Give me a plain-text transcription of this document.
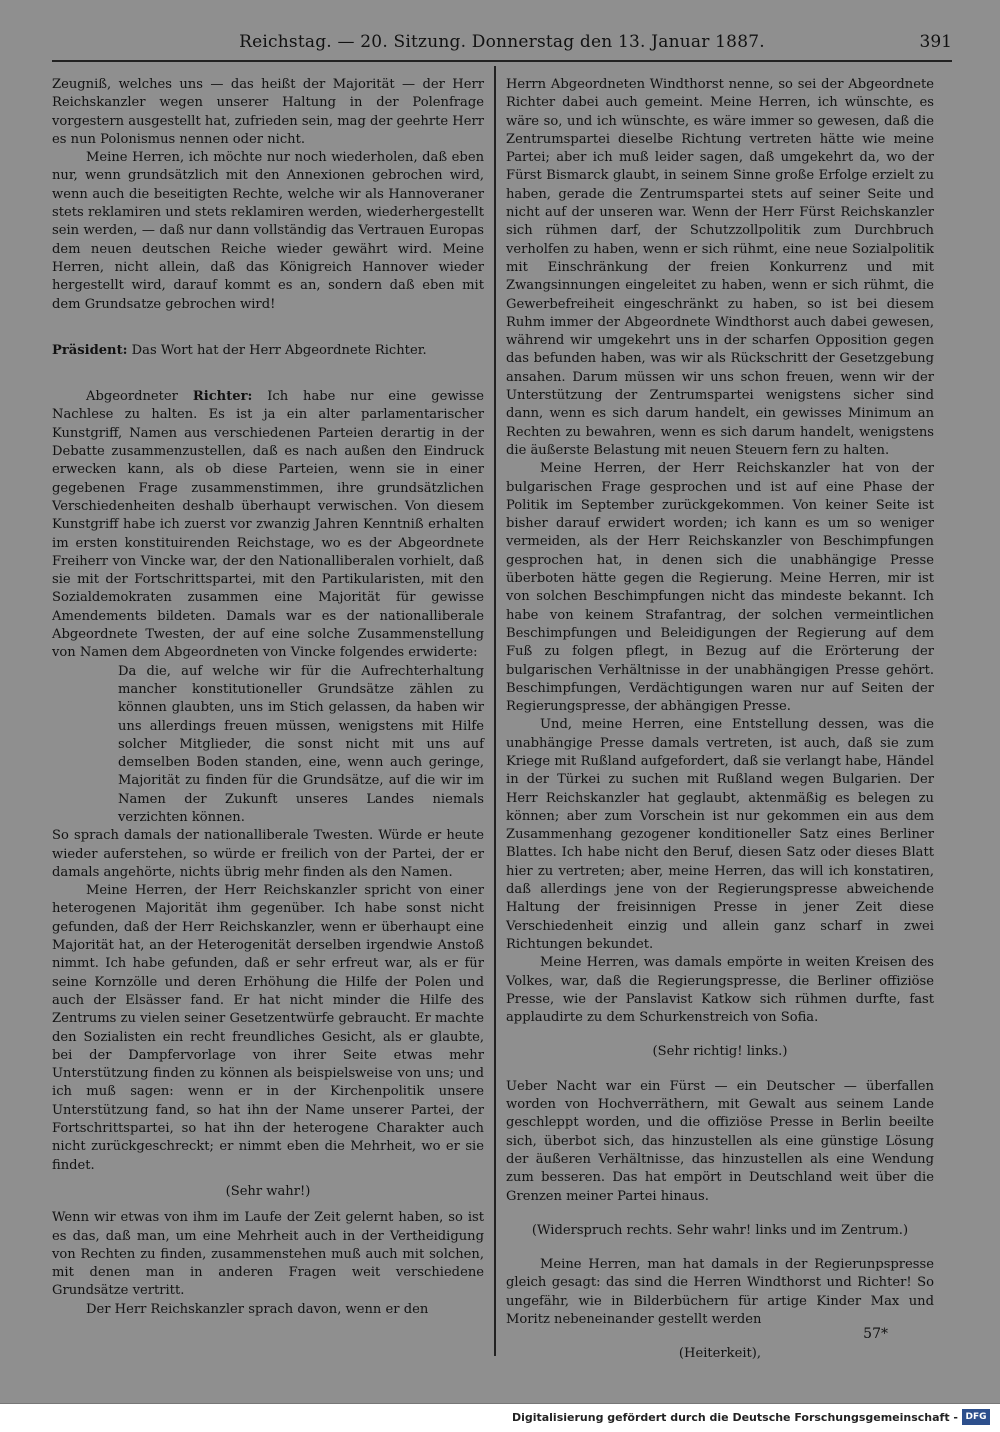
Reichstag. — 20. Sitzung. Donnerstag den 13. Januar 1887.	391

Zeugniß, welches uns — das heißt der Majorität — der Herr Reichskanzler wegen unserer Haltung in der Polenfrage vorgestern ausgestellt hat, zufrieden sein, mag der geehrte Herr es nun Polonismus nennen oder nicht.

Meine Herren, ich möchte nur noch wiederholen, daß eben nur, wenn grundsätzlich mit den Annexionen gebrochen wird, wenn auch die beseitigten Rechte, welche wir als Hannoveraner stets reklamiren und stets reklamiren werden, wiederhergestellt sein werden, — daß nur dann vollständig das Vertrauen Europas dem neuen deutschen Reiche wieder gewährt wird. Meine Herren, nicht allein, daß das Königreich Hannover wieder hergestellt wird, darauf kommt es an, sondern daß eben mit dem Grundsatze gebrochen wird!

Präsident: Das Wort hat der Herr Abgeordnete Richter.

Abgeordneter Richter: Ich habe nur eine gewisse Nachlese zu halten. Es ist ja ein alter parlamentarischer Kunstgriff, Namen aus verschiedenen Parteien derartig in der Debatte zusammenzustellen, daß es nach außen den Eindruck erwecken kann, als ob diese Parteien, wenn sie in einer gegebenen Frage zusammenstimmen, ihre grundsätzlichen Verschiedenheiten deshalb überhaupt verwischen. Von diesem Kunstgriff habe ich zuerst vor zwanzig Jahren Kenntniß erhalten im ersten konstituirenden Reichstage, wo es der Abgeordnete Freiherr von Vincke war, der den Nationalliberalen vorhielt, daß sie mit der Fortschrittspartei, mit den Partikularisten, mit den Sozialdemokraten zusammen eine Majorität für gewisse Amendements bildeten. Damals war es der nationalliberale Abgeordnete Twesten, der auf eine solche Zusammenstellung von Namen dem Abgeordneten von Vincke folgendes erwiderte:

Da die, auf welche wir für die Aufrechterhaltung mancher konstitutioneller Grundsätze zählen zu können glaubten, uns im Stich gelassen, da haben wir uns allerdings freuen müssen, wenigstens mit Hilfe solcher Mitglieder, die sonst nicht mit uns auf demselben Boden standen, eine, wenn auch geringe, Majorität zu finden für die Grundsätze, auf die wir im Namen der Zukunft unseres Landes niemals verzichten können.

So sprach damals der nationalliberale Twesten. Würde er heute wieder auferstehen, so würde er freilich von der Partei, der er damals angehörte, nichts übrig mehr finden als den Namen.

Meine Herren, der Herr Reichskanzler spricht von einer heterogenen Majorität ihm gegenüber. Ich habe sonst nicht gefunden, daß der Herr Reichskanzler, wenn er überhaupt eine Majorität hat, an der Heterogenität derselben irgendwie Anstoß nimmt. Ich habe gefunden, daß er sehr erfreut war, als er für seine Kornzölle und deren Erhöhung die Hilfe der Polen und auch der Elsässer fand. Er hat nicht minder die Hilfe des Zentrums zu vielen seiner Gesetzentwürfe gebraucht. Er machte den Sozialisten ein recht freundliches Gesicht, als er glaubte, bei der Dampfervorlage von ihrer Seite etwas mehr Unterstützung finden zu können als beispielsweise von uns; und ich muß sagen: wenn er in der Kirchenpolitik unsere Unterstützung fand, so hat ihn der Name unserer Partei, der Fortschrittspartei, so hat ihn der heterogene Charakter auch nicht zurückgeschreckt; er nimmt eben die Mehrheit, wo er sie findet.

(Sehr wahr!)

Wenn wir etwas von ihm im Laufe der Zeit gelernt haben, so ist es das, daß man, um eine Mehrheit auch in der Vertheidigung von Rechten zu finden, zusammenstehen muß auch mit solchen, mit denen man in anderen Fragen weit verschiedene Grundsätze vertritt.

Der Herr Reichskanzler sprach davon, wenn er den

Herrn Abgeordneten Windthorst nenne, so sei der Abgeordnete Richter dabei auch gemeint. Meine Herren, ich wünschte, es wäre so, und ich wünschte, es wäre immer so gewesen, daß die Zentrumspartei dieselbe Richtung vertreten hätte wie meine Partei; aber ich muß leider sagen, daß umgekehrt da, wo der Fürst Bismarck glaubt, in seinem Sinne große Erfolge erzielt zu haben, gerade die Zentrumspartei stets auf seiner Seite und nicht auf der unseren war. Wenn der Herr Fürst Reichskanzler sich rühmen darf, der Schutzzollpolitik zum Durchbruch verholfen zu haben, wenn er sich rühmt, eine neue Sozialpolitik mit Einschränkung der freien Konkurrenz und mit Zwangsinnungen eingeleitet zu haben, wenn er sich rühmt, die Gewerbefreiheit eingeschränkt zu haben, so ist bei diesem Ruhm immer der Abgeordnete Windthorst auch dabei gewesen, während wir umgekehrt uns in der scharfen Opposition gegen das befunden haben, was wir als Rückschritt der Gesetzgebung ansahen. Darum müssen wir uns schon freuen, wenn wir der Unterstützung der Zentrumspartei wenigstens sicher sind dann, wenn es sich darum handelt, ein gewisses Minimum an Rechten zu bewahren, wenn es sich darum handelt, wenigstens die äußerste Belastung mit neuen Steuern fern zu halten.

Meine Herren, der Herr Reichskanzler hat von der bulgarischen Frage gesprochen und ist auf eine Phase der Politik im September zurückgekommen. Von keiner Seite ist bisher darauf erwidert worden; ich kann es um so weniger vermeiden, als der Herr Reichskanzler von Beschimpfungen gesprochen hat, in denen sich die unabhängige Presse überboten hätte gegen die Regierung. Meine Herren, mir ist von solchen Beschimpfungen nicht das mindeste bekannt. Ich habe von keinem Strafantrag, der solchen vermeintlichen Beschimpfungen und Beleidigungen der Regierung auf dem Fuß zu folgen pflegt, in Bezug auf die Erörterung der bulgarischen Verhältnisse in der unabhängigen Presse gehört. Beschimpfungen, Verdächtigungen waren nur auf Seiten der Regierungspresse, der abhängigen Presse.

Und, meine Herren, eine Entstellung dessen, was die unabhängige Presse damals vertreten, ist auch, daß sie zum Kriege mit Rußland aufgefordert, daß sie verlangt habe, Händel in der Türkei zu suchen mit Rußland wegen Bulgarien. Der Herr Reichskanzler hat geglaubt, aktenmäßig es belegen zu können; aber zum Vorschein ist nur gekommen ein aus dem Zusammenhang gezogener konditioneller Satz eines Berliner Blattes. Ich habe nicht den Beruf, diesen Satz oder dieses Blatt hier zu vertreten; aber, meine Herren, das will ich konstatiren, daß allerdings jene von der Regierungspresse abweichende Haltung der freisinnigen Presse in jener Zeit diese Verschiedenheit einzig und allein ganz scharf in zwei Richtungen bekundet.

Meine Herren, was damals empörte in weiten Kreisen des Volkes, war, daß die Regierungspresse, die Berliner offiziöse Presse, wie der Panslavist Katkow sich rühmen durfte, fast applaudirte zu dem Schurkenstreich von Sofia.

(Sehr richtig! links.)

Ueber Nacht war ein Fürst — ein Deutscher — überfallen worden von Hochverräthern, mit Gewalt aus seinem Lande geschleppt worden, und die offiziöse Presse in Berlin beeilte sich, überbot sich, das hinzustellen als eine günstige Lösung der äußeren Verhältnisse, das hinzustellen als eine Wendung zum besseren. Das hat empört in Deutschland weit über die Grenzen meiner Partei hinaus.

(Widerspruch rechts. Sehr wahr! links und im Zentrum.)

Meine Herren, man hat damals in der Regierunpspresse gleich gesagt: das sind die Herren Windthorst und Richter! So ungefähr, wie in Bilderbüchern für artige Kinder Max und Moritz nebeneinander gestellt werden

(Heiterkeit),

57*
Digitalisierung gefördert durch die Deutsche Forschungsgemeinschaft - DFG
